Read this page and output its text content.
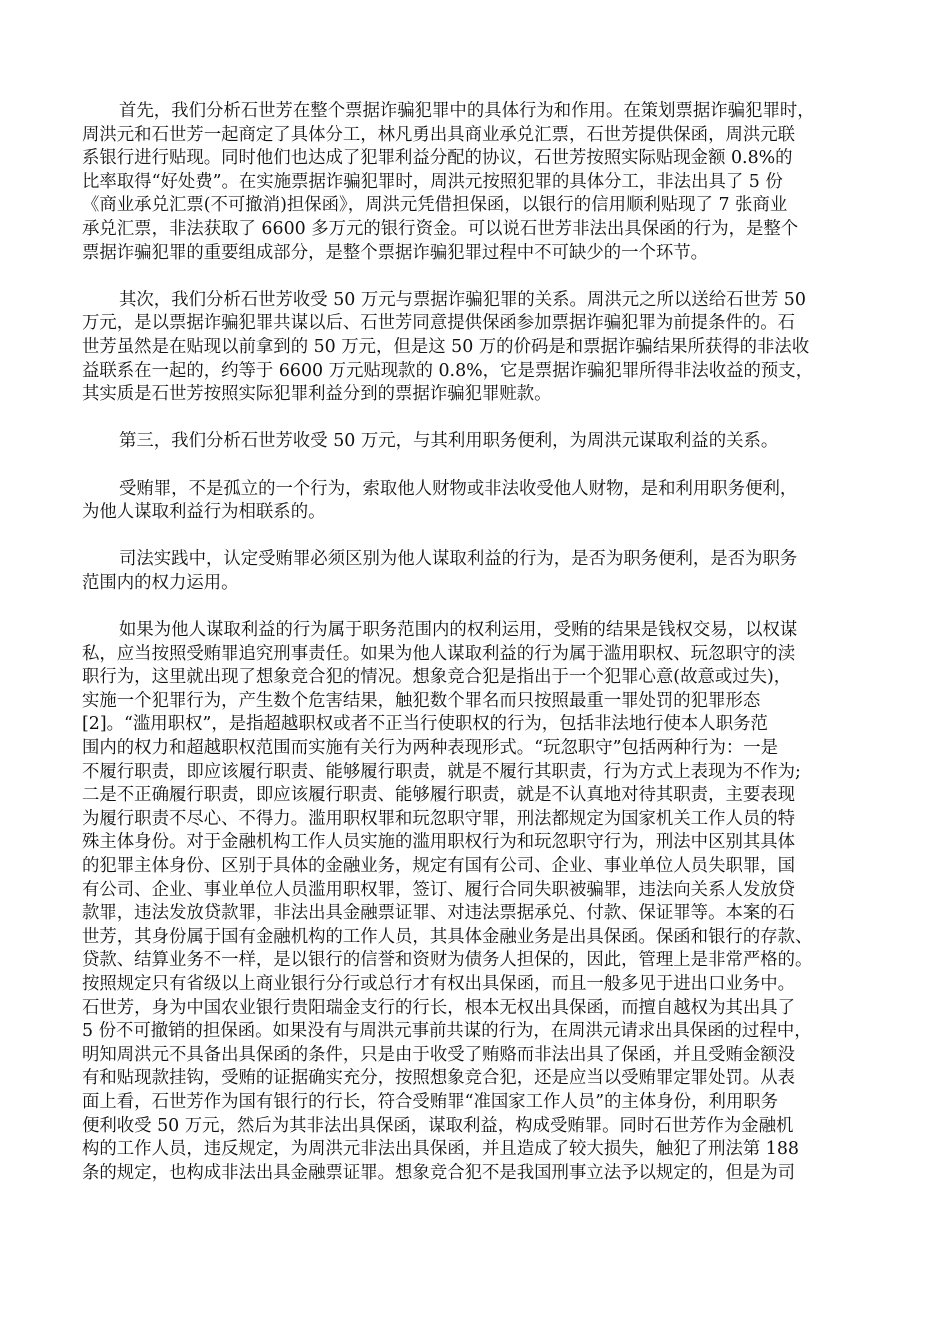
首先，我们分析石世芳在整个票据诈骗犯罪中的具体行为和作用。在策划票据诈骗犯罪时，
周洪元和石世芳一起商定了具体分工，林凡勇出具商业承兑汇票，石世芳提供保函，周洪元联
系银行进行贴现。同时他们也达成了犯罪利益分配的协议，石世芳按照实际贴现金额 0.8%的
比率取得“好处费”。在实施票据诈骗犯罪时，周洪元按照犯罪的具体分工，非法出具了 5 份
《商业承兑汇票(不可撤消)担保函》，周洪元凭借担保函，以银行的信用顺利贴现了 7 张商业
承兑汇票，非法获取了 6600 多万元的银行资金。可以说石世芳非法出具保函的行为，是整个
票据诈骗犯罪的重要组成部分，是整个票据诈骗犯罪过程中不可缺少的一个环节。
其次，我们分析石世芳收受 50 万元与票据诈骗犯罪的关系。周洪元之所以送给石世芳 50
万元，是以票据诈骗犯罪共谋以后、石世芳同意提供保函参加票据诈骗犯罪为前提条件的。石
世芳虽然是在贴现以前拿到的 50 万元，但是这 50 万的价码是和票据诈骗结果所获得的非法收
益联系在一起的，约等于 6600 万元贴现款的 0.8%，它是票据诈骗犯罪所得非法收益的预支，
其实质是石世芳按照实际犯罪利益分到的票据诈骗犯罪赃款。
第三，我们分析石世芳收受 50 万元，与其利用职务便利，为周洪元谋取利益的关系。
受贿罪，不是孤立的一个行为，索取他人财物或非法收受他人财物，是和利用职务便利，
为他人谋取利益行为相联系的。
司法实践中，认定受贿罪必须区别为他人谋取利益的行为，是否为职务便利，是否为职务
范围内的权力运用。
如果为他人谋取利益的行为属于职务范围内的权利运用，受贿的结果是钱权交易，以权谋
私，应当按照受贿罪追究刑事责任。如果为他人谋取利益的行为属于滥用职权、玩忽职守的渎
职行为，这里就出现了想象竞合犯的情况。想象竞合犯是指出于一个犯罪心意(故意或过失)，
实施一个犯罪行为，产生数个危害结果，触犯数个罪名而只按照最重一罪处罚的犯罪形态
[2]。“滥用职权”，是指超越职权或者不正当行使职权的行为，包括非法地行使本人职务范
围内的权力和超越职权范围而实施有关行为两种表现形式。“玩忽职守”包括两种行为：一是
不履行职责，即应该履行职责、能够履行职责，就是不履行其职责，行为方式上表现为不作为;
二是不正确履行职责，即应该履行职责、能够履行职责，就是不认真地对待其职责，主要表现
为履行职责不尽心、不得力。滥用职权罪和玩忽职守罪，刑法都规定为国家机关工作人员的特
殊主体身份。对于金融机构工作人员实施的滥用职权行为和玩忽职守行为，刑法中区别其具体
的犯罪主体身份、区别于具体的金融业务，规定有国有公司、企业、事业单位人员失职罪，国
有公司、企业、事业单位人员滥用职权罪，签订、履行合同失职被骗罪，违法向关系人发放贷
款罪，违法发放贷款罪，非法出具金融票证罪、对违法票据承兑、付款、保证罪等。本案的石
世芳，其身份属于国有金融机构的工作人员，其具体金融业务是出具保函。保函和银行的存款、
贷款、结算业务不一样，是以银行的信誉和资财为债务人担保的，因此，管理上是非常严格的。
按照规定只有省级以上商业银行分行或总行才有权出具保函，而且一般多见于进出口业务中。
石世芳，身为中国农业银行贵阳瑞金支行的行长，根本无权出具保函，而擅自越权为其出具了
5 份不可撤销的担保函。如果没有与周洪元事前共谋的行为，在周洪元请求出具保函的过程中，
明知周洪元不具备出具保函的条件，只是由于收受了贿赂而非法出具了保函，并且受贿金额没
有和贴现款挂钩，受贿的证据确实充分，按照想象竞合犯，还是应当以受贿罪定罪处罚。从表
面上看，石世芳作为国有银行的行长，符合受贿罪“准国家工作人员”的主体身份，利用职务
便利收受 50 万元，然后为其非法出具保函，谋取利益，构成受贿罪。同时石世芳作为金融机
构的工作人员，违反规定，为周洪元非法出具保函，并且造成了较大损失，触犯了刑法第 188
条的规定，也构成非法出具金融票证罪。想象竞合犯不是我国刑事立法予以规定的，但是为司
